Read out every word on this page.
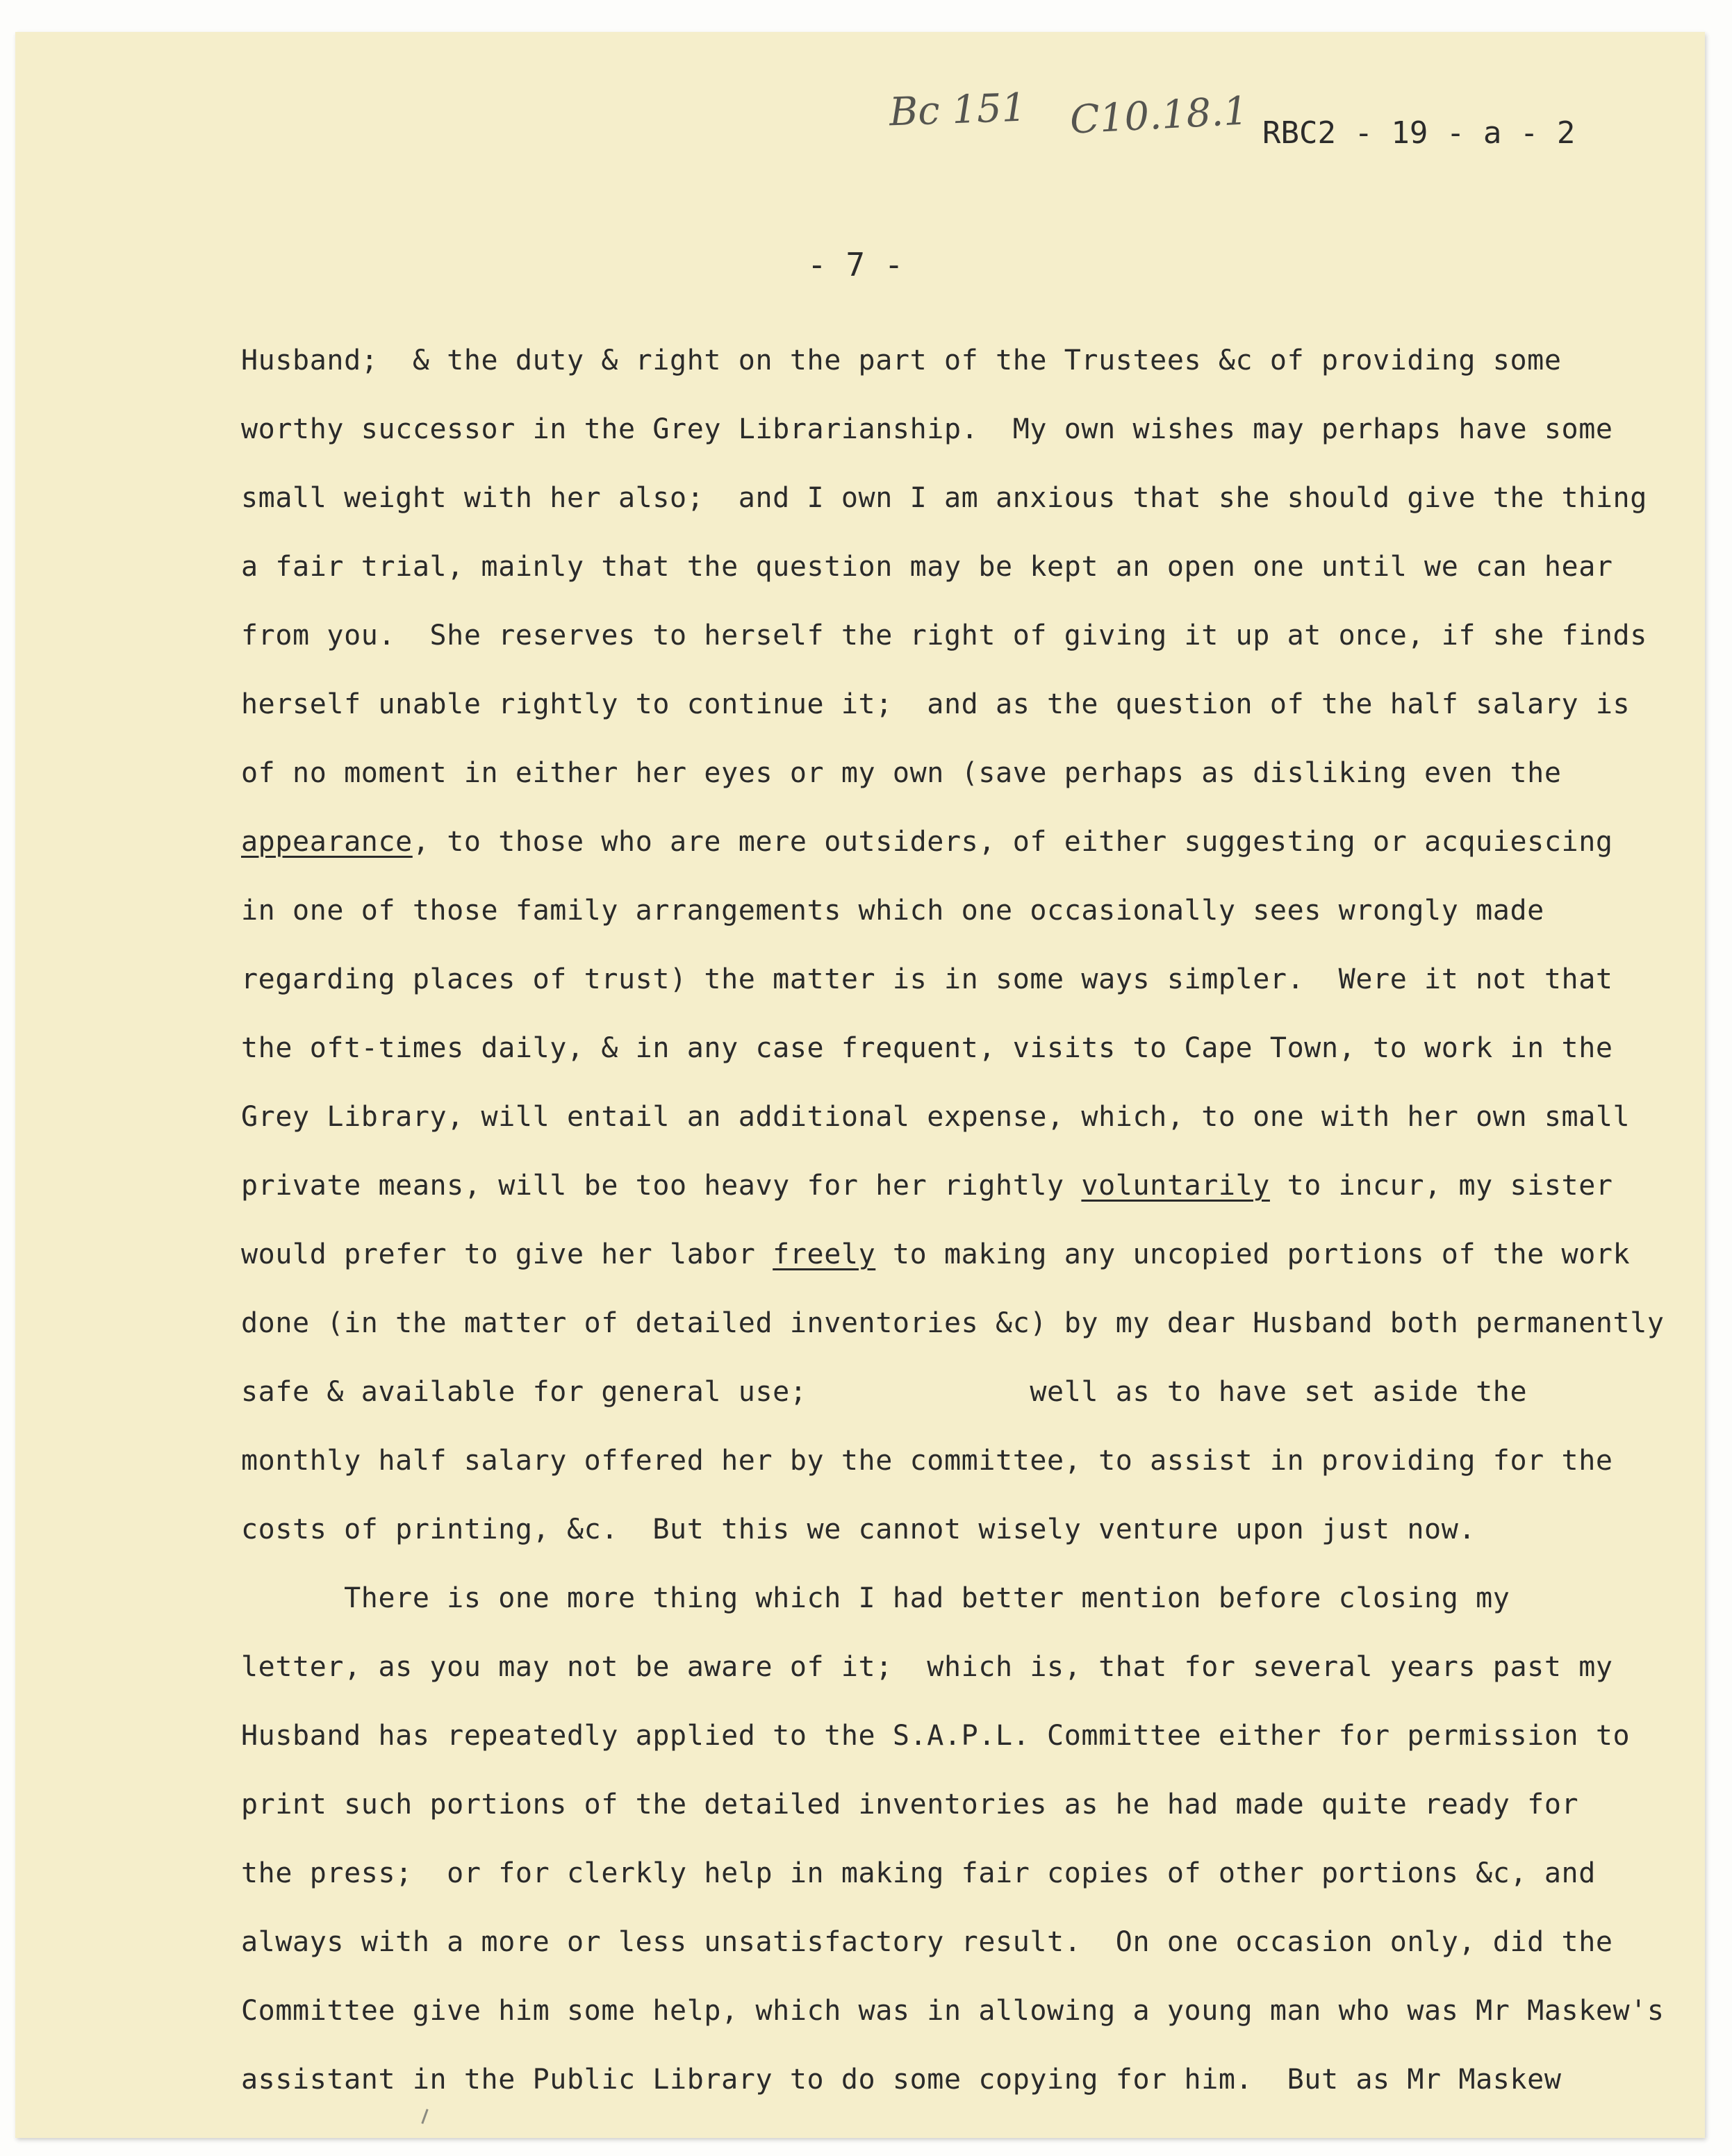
Bc 151 C10.18.1 RBC2 - 19 - a - 2
- 7 -
Husband;  & the duty & right on the part of the Trustees &c of providing some
worthy successor in the Grey Librarianship.  My own wishes may perhaps have some
small weight with her also;  and I own I am anxious that she should give the thing
a fair trial, mainly that the question may be kept an open one until we can hear
from you.  She reserves to herself the right of giving it up at once, if she finds
herself unable rightly to continue it;  and as the question of the half salary is
of no moment in either her eyes or my own (save perhaps as disliking even the
appearance, to those who are mere outsiders, of either suggesting or acquiescing
in one of those family arrangements which one occasionally sees wrongly made
regarding places of trust) the matter is in some ways simpler.  Were it not that
the oft-times daily, & in any case frequent, visits to Cape Town, to work in the
Grey Library, will entail an additional expense, which, to one with her own small
private means, will be too heavy for her rightly voluntarily to incur, my sister
would prefer to give her labor freely to making any uncopied portions of the work
done (in the matter of detailed inventories &c) by my dear Husband both permanently
safe & available for general use;             well as to have set aside the
monthly half salary offered her by the committee, to assist in providing for the
costs of printing, &c.  But this we cannot wisely venture upon just now.
There is one more thing which I had better mention before closing my
letter, as you may not be aware of it;  which is, that for several years past my
Husband has repeatedly applied to the S.A.P.L. Committee either for permission to
print such portions of the detailed inventories as he had made quite ready for
the press;  or for clerkly help in making fair copies of other portions &c, and
always with a more or less unsatisfactory result.  On one occasion only, did the
Committee give him some help, which was in allowing a young man who was Mr Maskew's
assistant in the Public Library to do some copying for him.  But as Mr Maskew
